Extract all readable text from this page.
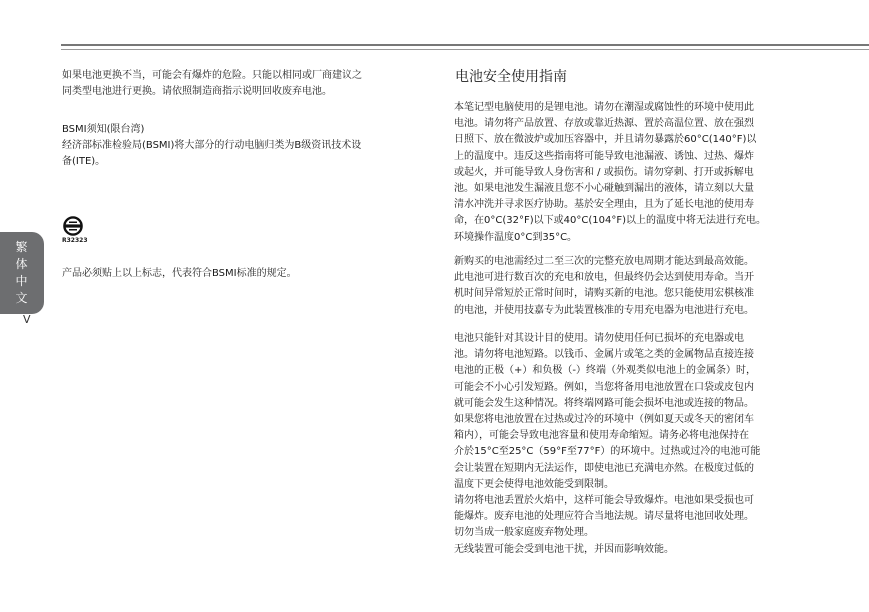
繁
体
中
文
V

如果电池更换不当，可能会有爆炸的危险。只能以相同或厂商建议之
同类型电池进行更换。请依照制造商指示说明回收废弃电池。

BSMI须知(限台湾)

经济部标准检验局(BSMI)将大部分的行动电脑归类为B级资讯技术设
备(ITE)。

R32323

产品必须贴上以上标志，代表符合BSMI标准的规定。

电池安全使用指南

本笔记型电脑使用的是锂电池。请勿在潮湿或腐蚀性的环境中使用此
电池。请勿将产品放置、存放或靠近热源、置於高温位置、放在强烈
日照下、放在微波炉或加压容器中，并且请勿暴露於60°C(140°F)以
上的温度中。违反这些指南将可能导致电池漏液、诱蚀、过热、爆炸
或起火，并可能导致人身伤害和 / 或损伤。请勿穿刺、打开或拆解电
池。如果电池发生漏液且您不小心碰触到漏出的液体，请立刻以大量
清水冲洗并寻求医疗协助。基於安全理由，且为了延长电池的使用寿
命，在0°C(32°F)以下或40°C(104°F)以上的温度中将无法进行充电。
环境操作温度0°C到35°C。

新购买的电池需经过二至三次的完整充放电周期才能达到最高效能。
此电池可进行数百次的充电和放电，但最终仍会达到使用寿命。当开
机时间异常短於正常时间时，请购买新的电池。您只能使用宏棋核准
的电池，并使用技嘉专为此装置核准的专用充电器为电池进行充电。

电池只能针对其设计目的使用。请勿使用任何已损坏的充电器或电
池。请勿将电池短路。以钱币、金属片或笔之类的金属物品直接连接
电池的正极（+）和负极（-）终端（外观类似电池上的金属条）时，
可能会不小心引发短路。例如，当您将备用电池放置在口袋或皮包内
就可能会发生这种情况。将终端网路可能会损坏电池或连接的物品。
如果您将电池放置在过热或过冷的环境中（例如夏天或冬天的密闭车
箱内），可能会导致电池容量和使用寿命缩短。请务必将电池保持在
介於15°C至25°C（59°F至77°F）的环境中。过热或过冷的电池可能
会让装置在短期内无法运作，即使电池已充满电亦然。在极度过低的
温度下更会使得电池效能受到限制。
请勿将电池丢置於火焰中，这样可能会导致爆炸。电池如果受损也可
能爆炸。废弃电池的处理应符合当地法规。请尽量将电池回收处理。
切勿当成一般家庭废弃物处理。
无线装置可能会受到电池干扰，并因而影响效能。
